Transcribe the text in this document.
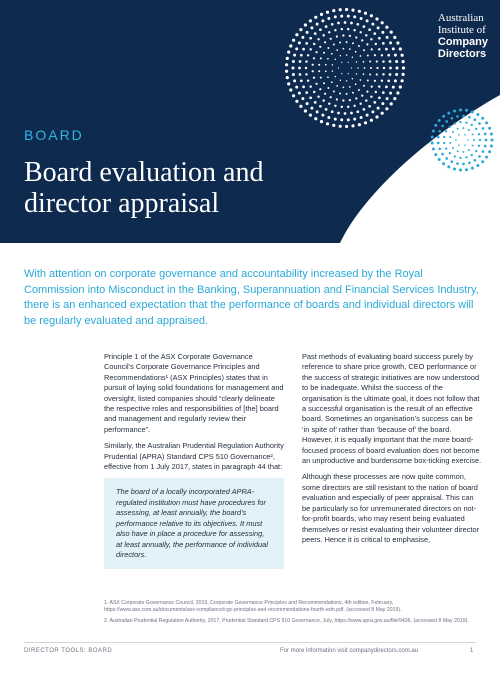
Australian
Institute of
Company
Directors
BOARD
Board evaluation and director appraisal

With attention on corporate governance and accountability increased by the Royal Commission into Misconduct in the Banking, Superannuation and Financial Services Industry, there is an enhanced expectation that the performance of boards and individual directors will be regularly evaluated and appraised.

Principle 1 of the ASX Corporate Governance Council’s Corporate Governance Principles and Recommendations¹ (ASX Principles) states that in pursuit of laying solid foundations for management and oversight, listed companies should “clearly delineate the respective roles and responsibilities of [the] board and management and regularly review their performance”.

Similarly, the Australian Prudential Regulation Authority Prudential (APRA) Standard CPS 510 Governance², effective from 1 July 2017, states in paragraph 44 that:

The board of a locally incorporated APRA-regulated institution must have procedures for assessing, at least annually, the board’s performance relative to its objectives. It must also have in place a procedure for assessing, at least annually, the performance of individual directors.

Past methods of evaluating board success purely by reference to share price growth, CEO performance or the success of strategic initiatives are now understood to be inadequate. Whilst the success of the organisation is the ultimate goal, it does not follow that a successful organisation is the result of an effective board. Sometimes an organisation’s success can be ‘in spite of’ rather than ‘because of’ the board. However, it is equally important that the more board-focused process of board evaluation does not become an unproductive and burdensome box-ticking exercise.

Although these processes are now quite common, some directors are still resistant to the nation of board evaluation and especially of peer appraisal. This can be particularly so for unremunerated directors on not-for-profit boards, who may resent being evaluated themselves or resist evaluating their volunteer director peers. Hence it is critical to emphasise,

1. ASX Corporate Governance Council, 2019, Corporate Governance Principles and Recommendations, 4th edition, February, https://www.asx.com.au/documents/asx-compliance/cgc-principles-and-recommendations-fourth-edn.pdf, (accessed 8 May 2019).

2. Australian Prudential Regulation Authority, 2017, Prudential Standard CPS 510 Governance, July, https://www.apra.gov.au/file/9436, (accessed 8 May 2019).

DIRECTOR TOOLS: BOARD	For more information visit companydirectors.com.au	1
